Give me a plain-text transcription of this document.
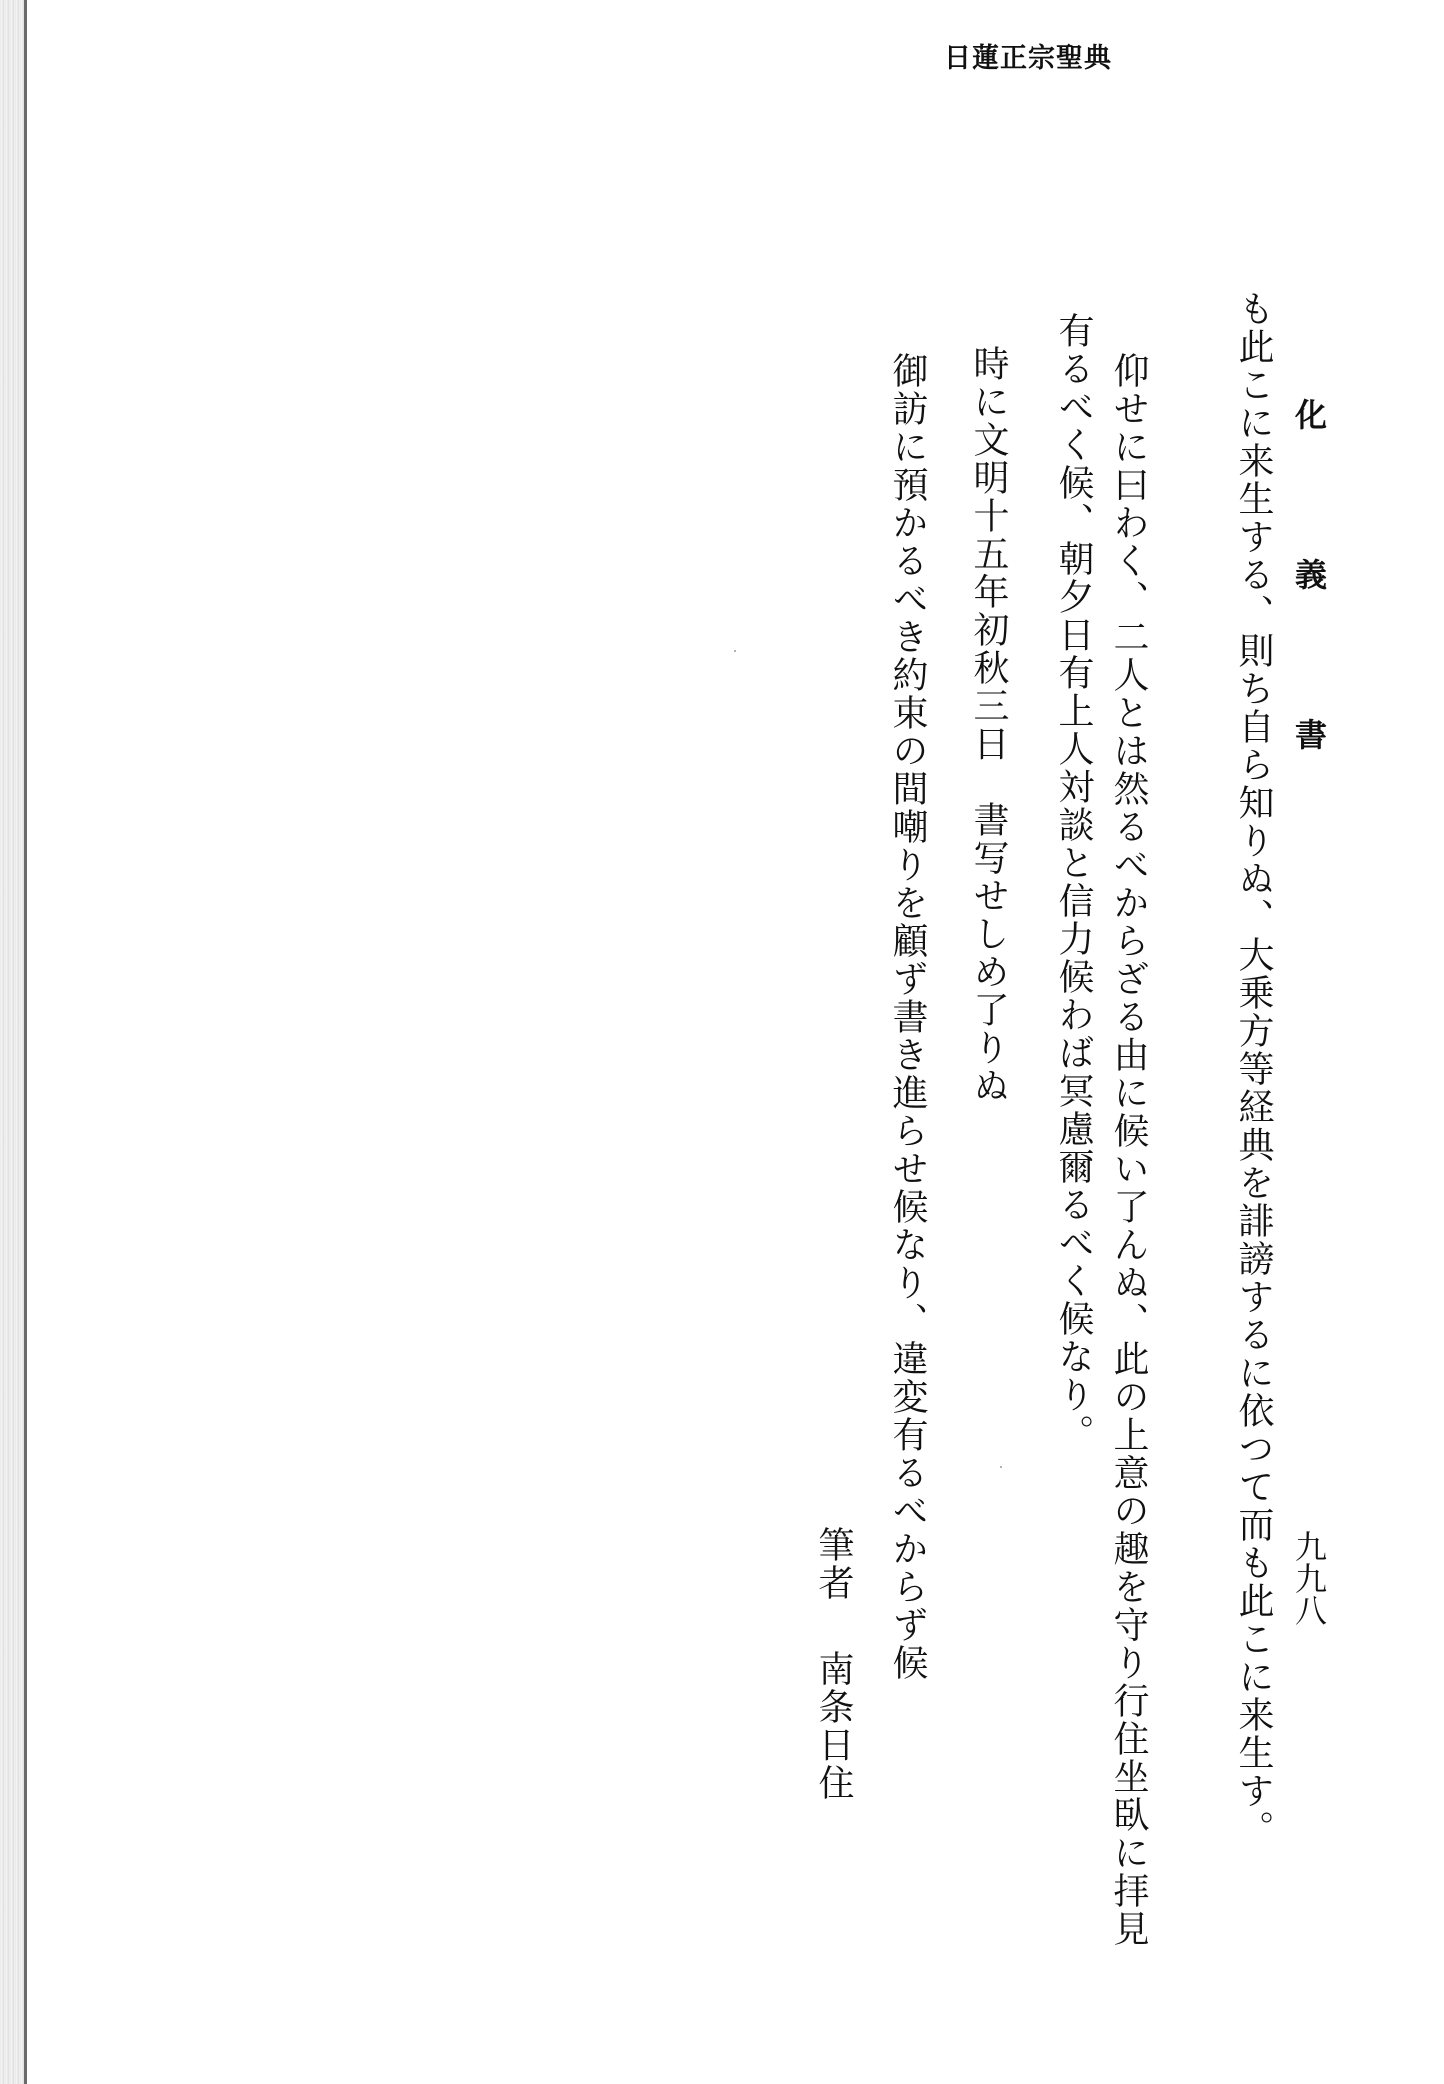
日蓮正宗聖典
九九八
化　義　書
も此こに来生する、則ち自ら知りぬ、大乗方等経典を誹謗するに依つて而も此こに来生す。
仰せに曰わく、二人とは然るべからざる由に候い了んぬ、此の上意の趣を守り行住坐臥に拝見
有るべく候、朝夕日有上人対談と信力候わば冥慮爾るべく候なり。
時に文明十五年初秋三日　書写せしめ了りぬ
御訪に預かるべき約束の間嘲りを顧ず書き進らせ候なり、違変有るべからず候
筆者
南条日住
